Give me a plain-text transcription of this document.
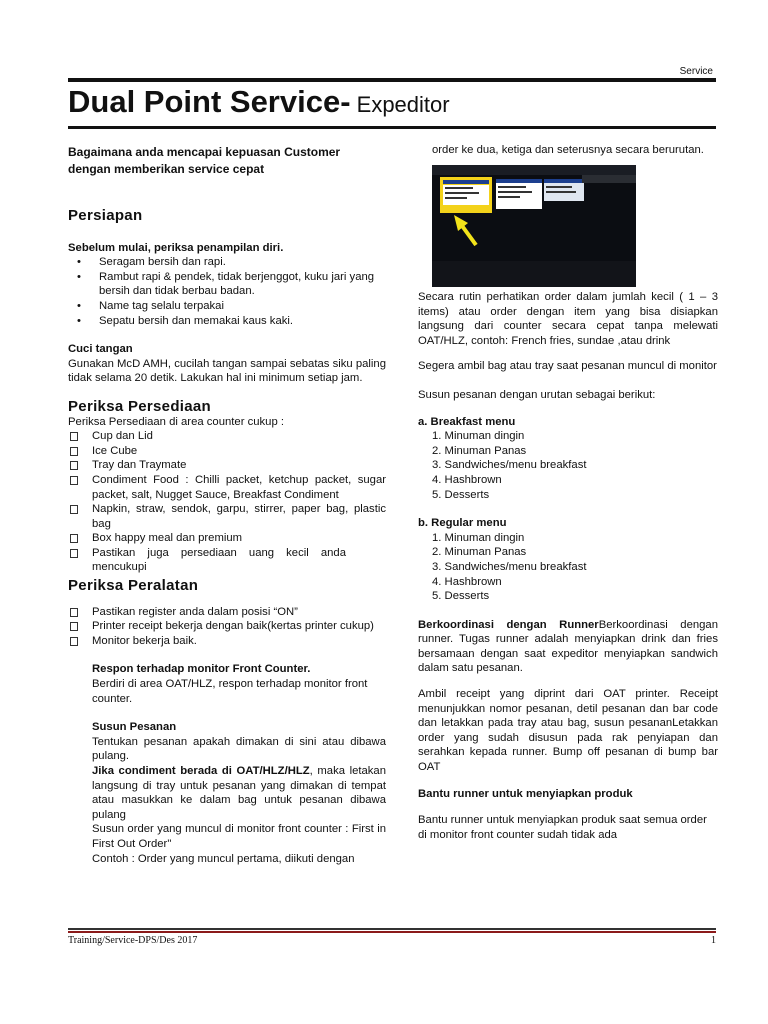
Service
Dual Point Service- Expeditor

Bagaimana anda mencapai kepuasan Customer dengan memberikan service cepat

Persiapan

Sebelum mulai, periksa penampilan diri.

• Seragam bersih dan rapi.
• Rambut rapi & pendek, tidak berjenggot, kuku jari yang bersih dan tidak berbau badan.
• Name tag selalu terpakai
• Sepatu bersih dan memakai kaus kaki.

Cuci tangan

Gunakan McD AMH, cucilah tangan sampai sebatas siku paling tidak selama 20 detik. Lakukan hal ini minimum setiap jam.

Periksa Persediaan

Periksa Persediaan di area counter cukup :

Cup dan Lid
Ice Cube
Tray dan Traymate
Condiment Food : Chilli packet, ketchup packet, sugar packet, salt, Nugget Sauce, Breakfast Condiment
Napkin, straw, sendok, garpu, stirrer, paper bag, plastic bag
Box happy meal dan premium
Pastikan juga persediaan uang kecil anda mencukupi
Periksa Peralatan
Pastikan register anda dalam posisi “ON”
Printer receipt bekerja dengan baik(kertas printer cukup)
Monitor bekerja baik.

Respon terhadap monitor Front Counter.

Berdiri di area OAT/HLZ, respon terhadap monitor front counter.

Susun Pesanan

Tentukan pesanan apakah dimakan di sini atau dibawa pulang.

Jika condiment berada di OAT/HLZ/HLZ, maka letakan langsung di tray untuk pesanan yang dimakan di tempat atau masukkan ke dalam bag untuk pesanan dibawa pulang

Susun order yang muncul di monitor front counter : First in First Out Order"

Contoh : Order yang muncul pertama, diikuti dengan

order ke dua, ketiga dan seterusnya secara berurutan.

Secara rutin perhatikan order dalam jumlah kecil ( 1 – 3 items) atau order dengan item yang bisa disiapkan langsung dari counter secara cepat tanpa melewati OAT/HLZ, contoh: French fries, sundae ,atau drink

Segera ambil bag atau tray saat pesanan muncul di monitor

Susun pesanan dengan urutan sebagai berikut:

a. Breakfast menu

1. Minuman dingin
2. Minuman Panas
3. Sandwiches/menu breakfast
4. Hashbrown
5. Desserts

b. Regular menu

1. Minuman dingin
2. Minuman Panas
3. Sandwiches/menu breakfast
4. Hashbrown
5. Desserts

Berkoordinasi dengan RunnerBerkoordinasi dengan runner. Tugas runner adalah menyiapkan drink dan fries bersamaan dengan saat expeditor menyiapkan sandwich dalam satu pesanan.

Ambil receipt yang diprint dari OAT printer. Receipt menunjukkan nomor pesanan, detil pesanan dan bar code dan letakkan pada tray atau bag, susun pesananLetakkan order yang sudah disusun pada rak penyiapan dan serahkan kepada runner. Bump off pesanan di bump bar OAT

Bantu runner untuk menyiapkan produk

Bantu runner untuk menyiapkan produk saat semua order di monitor front counter sudah tidak ada

Training/Service-DPS/Des 2017	1
